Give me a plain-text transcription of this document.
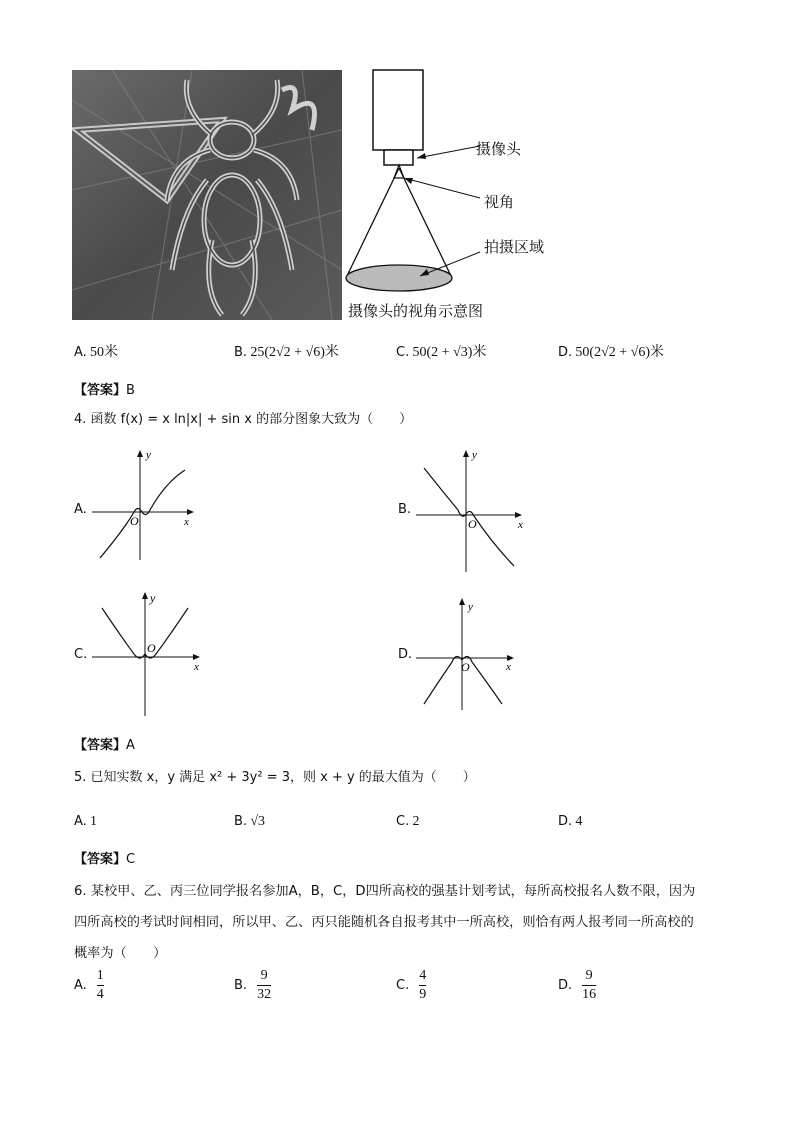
摄像头
视角
拍摄区域
摄像头的视角示意图
A. 50米	B. 25(2√2 + √6)米	C. 50(2 + √3)米	D. 50(2√2 + √6)米
【答案】B
4. 函数 f(x) = x ln|x| + sin x 的部分图象大致为（　　）
A.
y
x
O
B.
y
x
O
C.
y
x
O	D.
y
x
O
【答案】A
5. 已知实数 x，y 满足 x² + 3y² = 3，则 x + y 的最大值为（　　）
A. 1	B. √3	C. 2	D. 4
【答案】C
6. 某校甲、乙、丙三位同学报名参加A，B，C，D四所高校的强基计划考试，每所高校报名人数不限，因为
四所高校的考试时间相同，所以甲、乙、丙只能随机各自报考其中一所高校，则恰有两人报考同一所高校的
概率为（　　）
A. $\frac{1}{4}$	B. $\frac{9}{32}$	C. $\frac{4}{9}$	D. $\frac{9}{16}$
